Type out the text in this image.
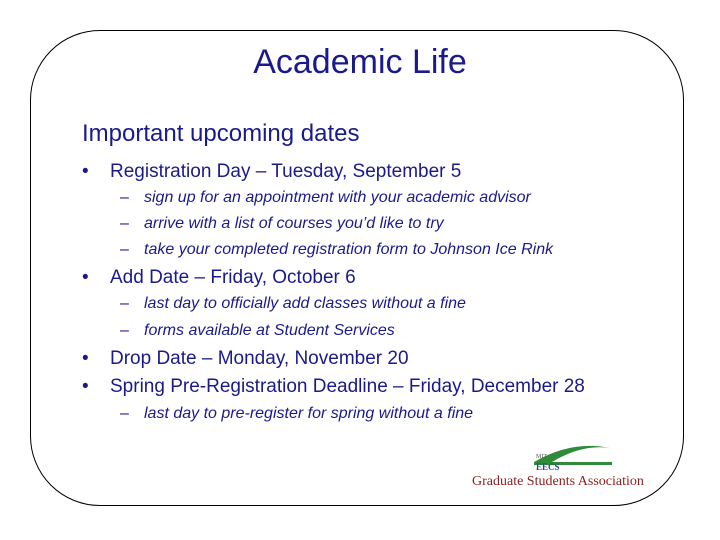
Academic Life
Important upcoming dates
• Registration Day – Tuesday, September 5
– sign up for an appointment with your academic advisor
– arrive with a list of courses you’d like to try
– take your completed registration form to Johnson Ice Rink
• Add Date – Friday, October 6
– last day to officially add classes without a fine
– forms available at Student Services
• Drop Date – Monday, November 20
• Spring Pre-Registration Deadline – Friday, December 28
– last day to pre-register for spring without a fine
MIT
EECS
Graduate Students Association
